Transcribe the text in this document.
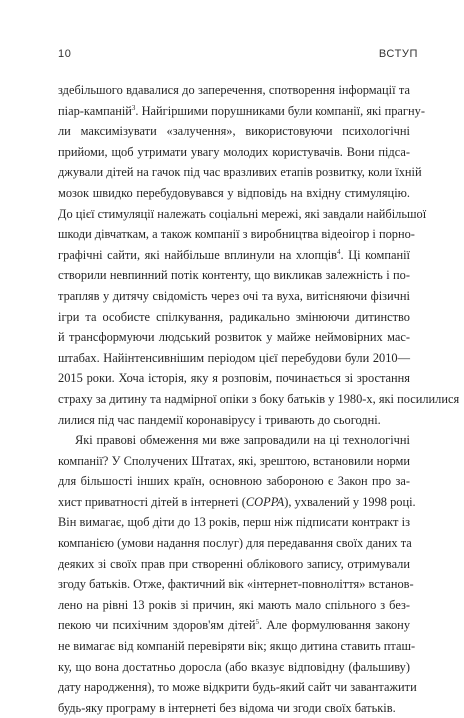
10	ВСТУП
здебільшого вдавалися до заперечення, спотворення інформації та
піар-кампаній$^3$. Найгіршими порушниками були компанії, які прагну-
ли максимізувати «залучення», використовуючи психологічні
прийоми, щоб утримати увагу молодих користувачів. Вони підса-
джували дітей на гачок під час вразливих етапів розвитку, коли їхній
мозок швидко перебудовувався у відповідь на вхідну стимуляцію.
До цієї стимуляції належать соціальні мережі, які завдали найбільшої
шкоди дівчаткам, а також компанії з виробництва відеоігор і порно-
графічні сайти, які найбільше вплинули на хлопців$^4$. Ці компанії
створили невпинний потік контенту, що викликав залежність і по-
трапляв у дитячу свідомість через очі та вуха, витісняючи фізичні
ігри та особисте спілкування, радикально змінюючи дитинство
й трансформуючи людський розвиток у майже неймовірних мас-
штабах. Найінтенсивнішим періодом цієї перебудови були 2010—
2015 роки. Хоча історія, яку я розповім, починається зі зростання
страху за дитину та надмірної опіки з боку батьків у 1980-х, які посилилися
лилися під час пандемії коронавірусу і тривають до сьогодні.
Які правові обмеження ми вже запровадили на ці технологічні
компанії? У Сполучених Штатах, які, зрештою, встановили норми
для більшості інших країн, основною забороною є Закон про за-
хист приватності дітей в інтернеті (COPPA), ухвалений у 1998 році.
Він вимагає, щоб діти до 13 років, перш ніж підписати контракт із
компанією (умови надання послуг) для передавання своїх даних та
деяких зі своїх прав при створенні облікового запису, отримували
згоду батьків. Отже, фактичний вік «інтернет-повноліття» встанов-
лено на рівні 13 років зі причин, які мають мало спільного з без-
пекою чи психічним здоров'ям дітей$^5$. Але формулювання закону
не вимагає від компаній перевіряти вік; якщо дитина ставить пташ-
ку, що вона достатньо доросла (або вказує відповідну (фальшиву)
дату народження), то може відкрити будь-який сайт чи завантажити
будь-яку програму в інтернеті без відома чи згоди своїх батьків.
